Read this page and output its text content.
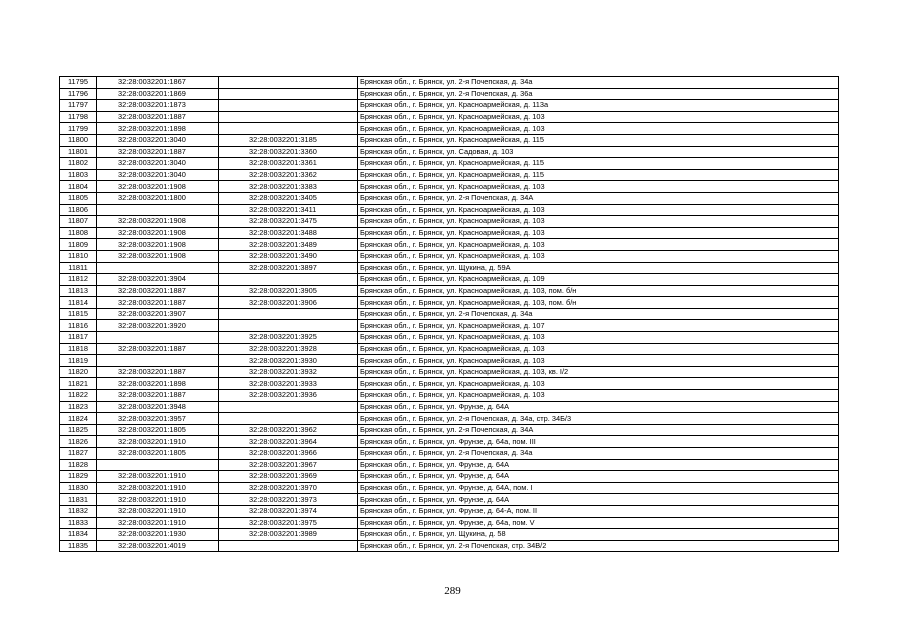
11795	32:28:0032201:1867		Брянская обл., г. Брянск, ул. 2-я Почепская, д. 34а
11796	32:28:0032201:1869		Брянская обл., г. Брянск, ул. 2-я Почепская, д. 36а
11797	32:28:0032201:1873		Брянская обл., г. Брянск, ул. Красноармейская, д. 113а
11798	32:28:0032201:1887		Брянская обл., г. Брянск, ул. Красноармейская, д. 103
11799	32:28:0032201:1898		Брянская обл., г. Брянск, ул. Красноармейская, д. 103
11800	32:28:0032201:3040	32:28:0032201:3185	Брянская обл., г. Брянск, ул. Красноармейская, д. 115
11801	32:28:0032201:1887	32:28:0032201:3360	Брянская обл., г. Брянск, ул. Садовая, д. 103
11802	32:28:0032201:3040	32:28:0032201:3361	Брянская обл., г. Брянск, ул. Красноармейская, д. 115
11803	32:28:0032201:3040	32:28:0032201:3362	Брянская обл., г. Брянск, ул. Красноармейская, д. 115
11804	32:28:0032201:1908	32:28:0032201:3383	Брянская обл., г. Брянск, ул. Красноармейская, д. 103
11805	32:28:0032201:1800	32:28:0032201:3405	Брянская обл., г. Брянск, ул. 2-я Почепская, д. 34А
11806		32:28:0032201:3411	Брянская обл., г. Брянск, ул. Красноармейская, д. 103
11807	32:28:0032201:1908	32:28:0032201:3475	Брянская обл., г. Брянск, ул. Красноармейская, д. 103
11808	32:28:0032201:1908	32:28:0032201:3488	Брянская обл., г. Брянск, ул. Красноармейская, д. 103
11809	32:28:0032201:1908	32:28:0032201:3489	Брянская обл., г. Брянск, ул. Красноармейская, д. 103
11810	32:28:0032201:1908	32:28:0032201:3490	Брянская обл., г. Брянск, ул. Красноармейская, д. 103
11811		32:28:0032201:3897	Брянская обл., г. Брянск, ул. Щукина, д. 59А
11812	32:28:0032201:3904		Брянская обл., г. Брянск, ул. Красноармейская, д. 109
11813	32:28:0032201:1887	32:28:0032201:3905	Брянская обл., г. Брянск, ул. Красноармейская, д. 103, пом. б/н
11814	32:28:0032201:1887	32:28:0032201:3906	Брянская обл., г. Брянск, ул. Красноармейская, д. 103, пом. б/н
11815	32:28:0032201:3907		Брянская обл., г. Брянск, ул. 2-я Почепская, д. 34а
11816	32:28:0032201:3920		Брянская обл., г. Брянск, ул. Красноармейская, д. 107
11817		32:28:0032201:3925	Брянская обл., г. Брянск, ул. Красноармейская, д. 103
11818	32:28:0032201:1887	32:28:0032201:3928	Брянская обл., г. Брянск, ул. Красноармейская, д. 103
11819		32:28:0032201:3930	Брянская обл., г. Брянск, ул. Красноармейская, д. 103
11820	32:28:0032201:1887	32:28:0032201:3932	Брянская обл., г. Брянск, ул. Красноармейская, д. 103, кв. I/2
11821	32:28:0032201:1898	32:28:0032201:3933	Брянская обл., г. Брянск, ул. Красноармейская, д. 103
11822	32:28:0032201:1887	32:28:0032201:3936	Брянская обл., г. Брянск, ул. Красноармейская, д. 103
11823	32:28:0032201:3948		Брянская обл., г. Брянск, ул. Фрунзе, д. 64А
11824	32:28:0032201:3957		Брянская обл., г. Брянск, ул. 2-я Почепская, д. 34а, стр. 34Б/3
11825	32:28:0032201:1805	32:28:0032201:3962	Брянская обл., г. Брянск, ул. 2-я Почепская, д. 34А
11826	32:28:0032201:1910	32:28:0032201:3964	Брянская обл., г. Брянск, ул. Фрунзе, д. 64а, пом. III
11827	32:28:0032201:1805	32:28:0032201:3966	Брянская обл., г. Брянск, ул. 2-я Почепская, д. 34а
11828		32:28:0032201:3967	Брянская обл., г. Брянск, ул. Фрунзе, д. 64А
11829	32:28:0032201:1910	32:28:0032201:3969	Брянская обл., г. Брянск, ул. Фрунзе, д. 64А
11830	32:28:0032201:1910	32:28:0032201:3970	Брянская обл., г. Брянск, ул. Фрунзе, д. 64А, пом. I
11831	32:28:0032201:1910	32:28:0032201:3973	Брянская обл., г. Брянск, ул. Фрунзе, д. 64А
11832	32:28:0032201:1910	32:28:0032201:3974	Брянская обл., г. Брянск, ул. Фрунзе, д. 64-А, пом. II
11833	32:28:0032201:1910	32:28:0032201:3975	Брянская обл., г. Брянск, ул. Фрунзе, д. 64а, пом. V
11834	32:28:0032201:1930	32:28:0032201:3989	Брянская обл., г. Брянск, ул. Щукина, д. 58
11835	32:28:0032201:4019		Брянская обл., г. Брянск, ул. 2-я Почепская, стр. 34В/2
289
